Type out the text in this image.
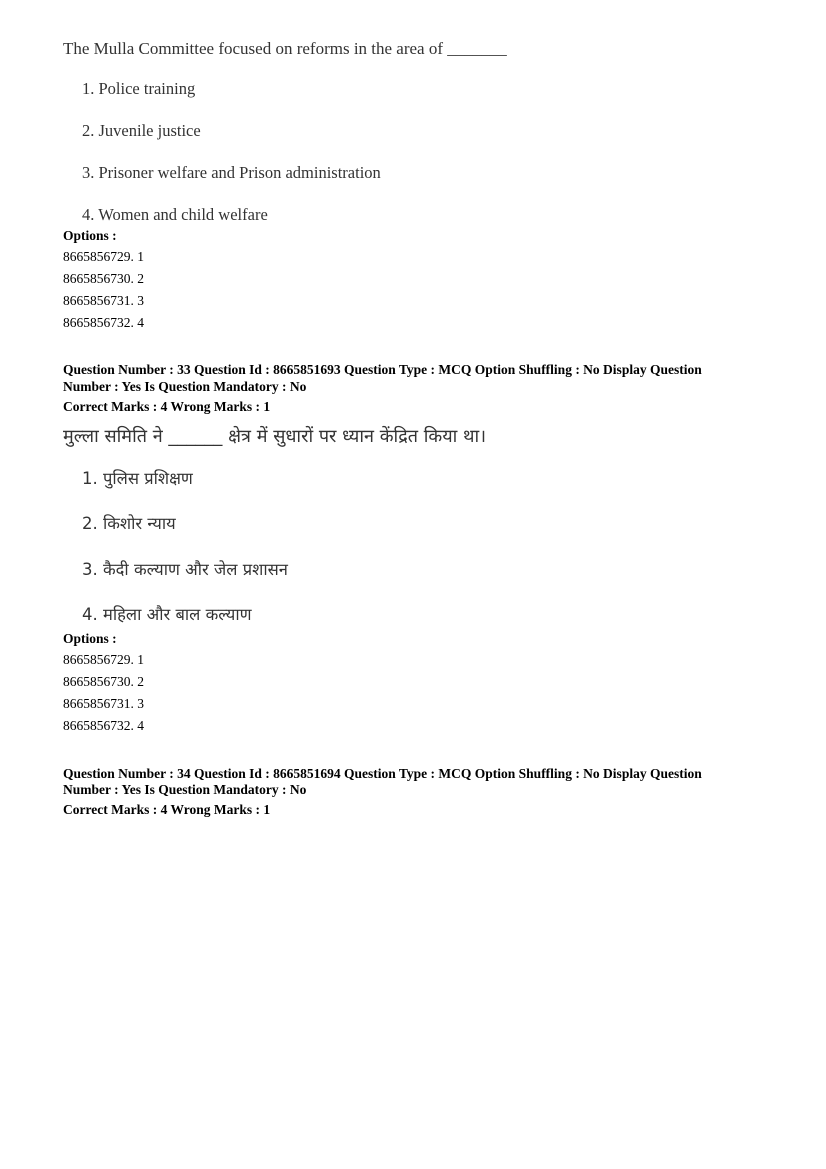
The Mulla Committee focused on reforms in the area of _______
1. Police training
2. Juvenile justice
3. Prisoner welfare and Prison administration
4. Women and child welfare
Options :
8665856729. 1
8665856730. 2
8665856731. 3
8665856732. 4
Question Number : 33 Question Id : 8665851693 Question Type : MCQ Option Shuffling : No Display Question
Number : Yes Is Question Mandatory : No
Correct Marks : 4 Wrong Marks : 1
मुल्ला समिति ने ______ क्षेत्र में सुधारों पर ध्यान केंद्रित किया था।
1. पुलिस प्रशिक्षण
2. किशोर न्याय
3. कैदी कल्याण और जेल प्रशासन
4. महिला और बाल कल्याण
Options :
8665856729. 1
8665856730. 2
8665856731. 3
8665856732. 4
Question Number : 34 Question Id : 8665851694 Question Type : MCQ Option Shuffling : No Display Question
Number : Yes Is Question Mandatory : No
Correct Marks : 4 Wrong Marks : 1
